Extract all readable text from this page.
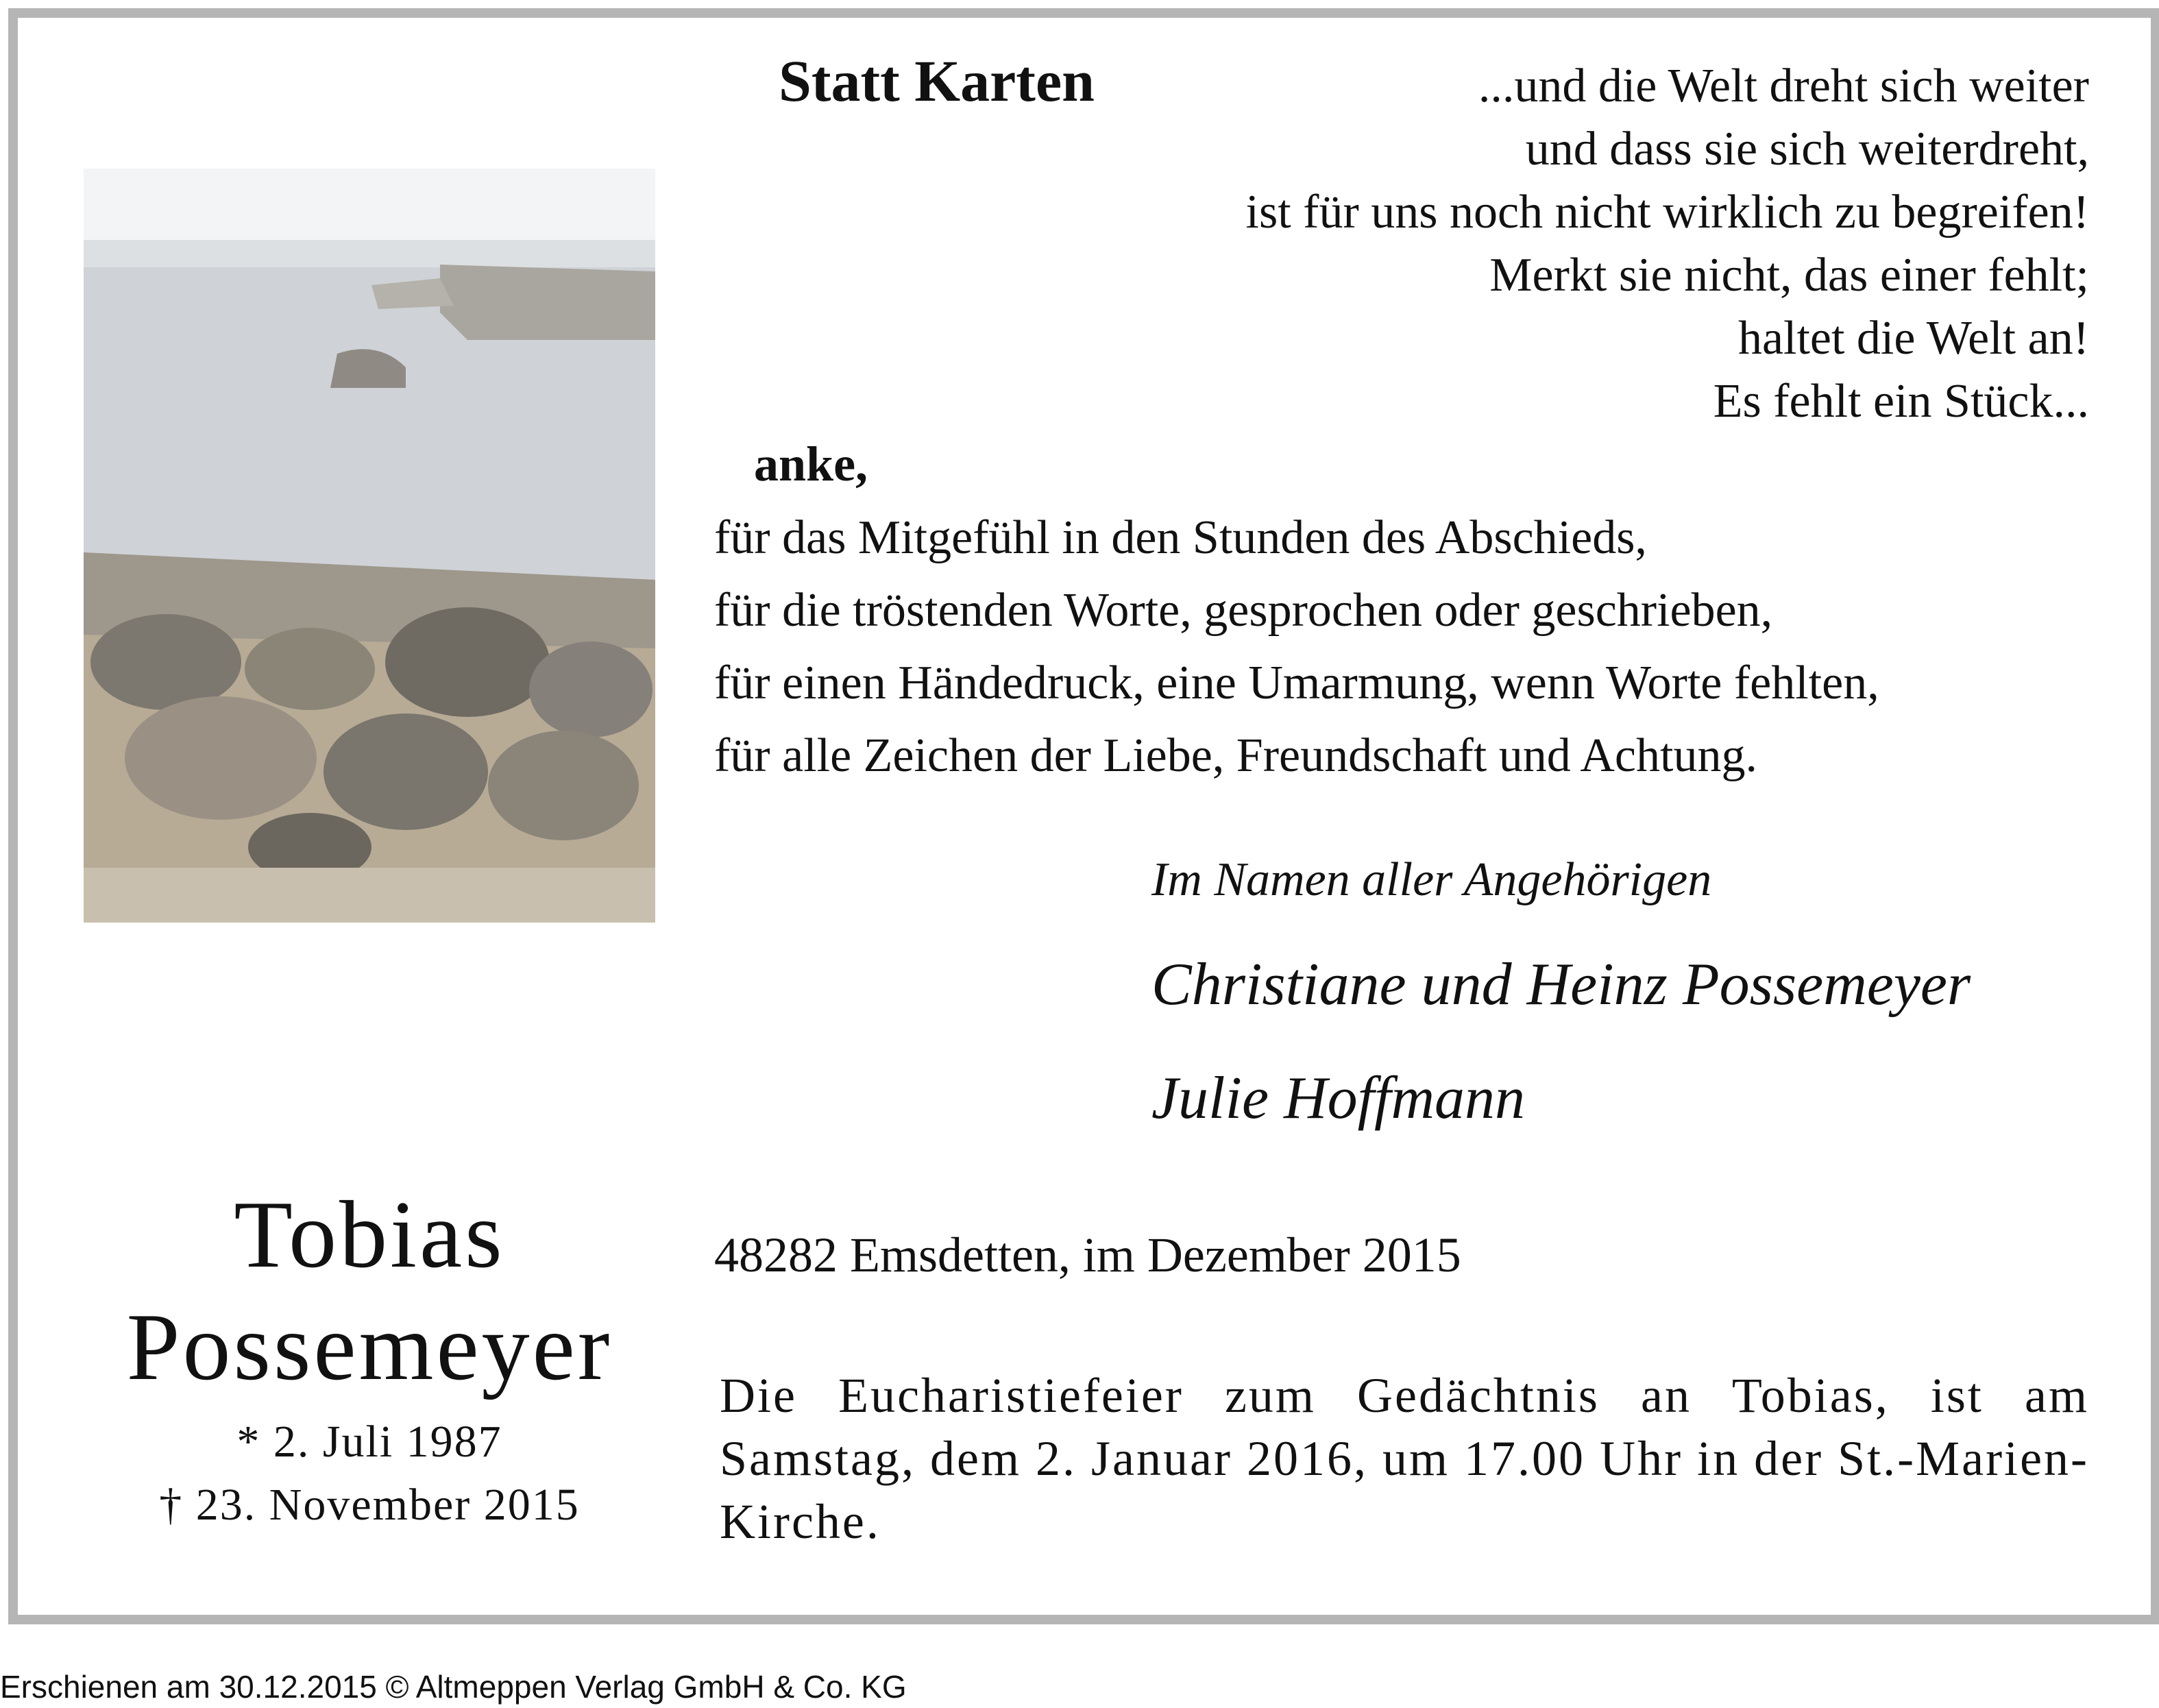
Statt Karten	...und die Welt dreht sich weiter
und dass sie sich weiterdreht,
ist für uns noch nicht wirklich zu begreifen!
Merkt sie nicht, das einer fehlt;
haltet die Welt an!
Es fehlt ein Stück...
anke,
für das Mitgefühl in den Stunden des Abschieds,
für die tröstenden Worte, gesprochen oder geschrieben,
für einen Händedruck, eine Umarmung, wenn Worte fehlten,
für alle Zeichen der Liebe, Freundschaft und Achtung.
Im Namen aller Angehörigen
Christiane und Heinz Possemeyer
Julie Hoffmann
Tobias
Possemeyer
* 2. Juli 1987
† 23. November 2015
48282 Emsdetten, im Dezember 2015
Die Eucharistiefeier zum Gedächtnis an Tobias, ist am Samstag, dem 2. Januar 2016, um 17.00 Uhr in der St.-Marien-Kirche.
Erschienen am 30.12.2015 © Altmeppen Verlag GmbH & Co. KG
